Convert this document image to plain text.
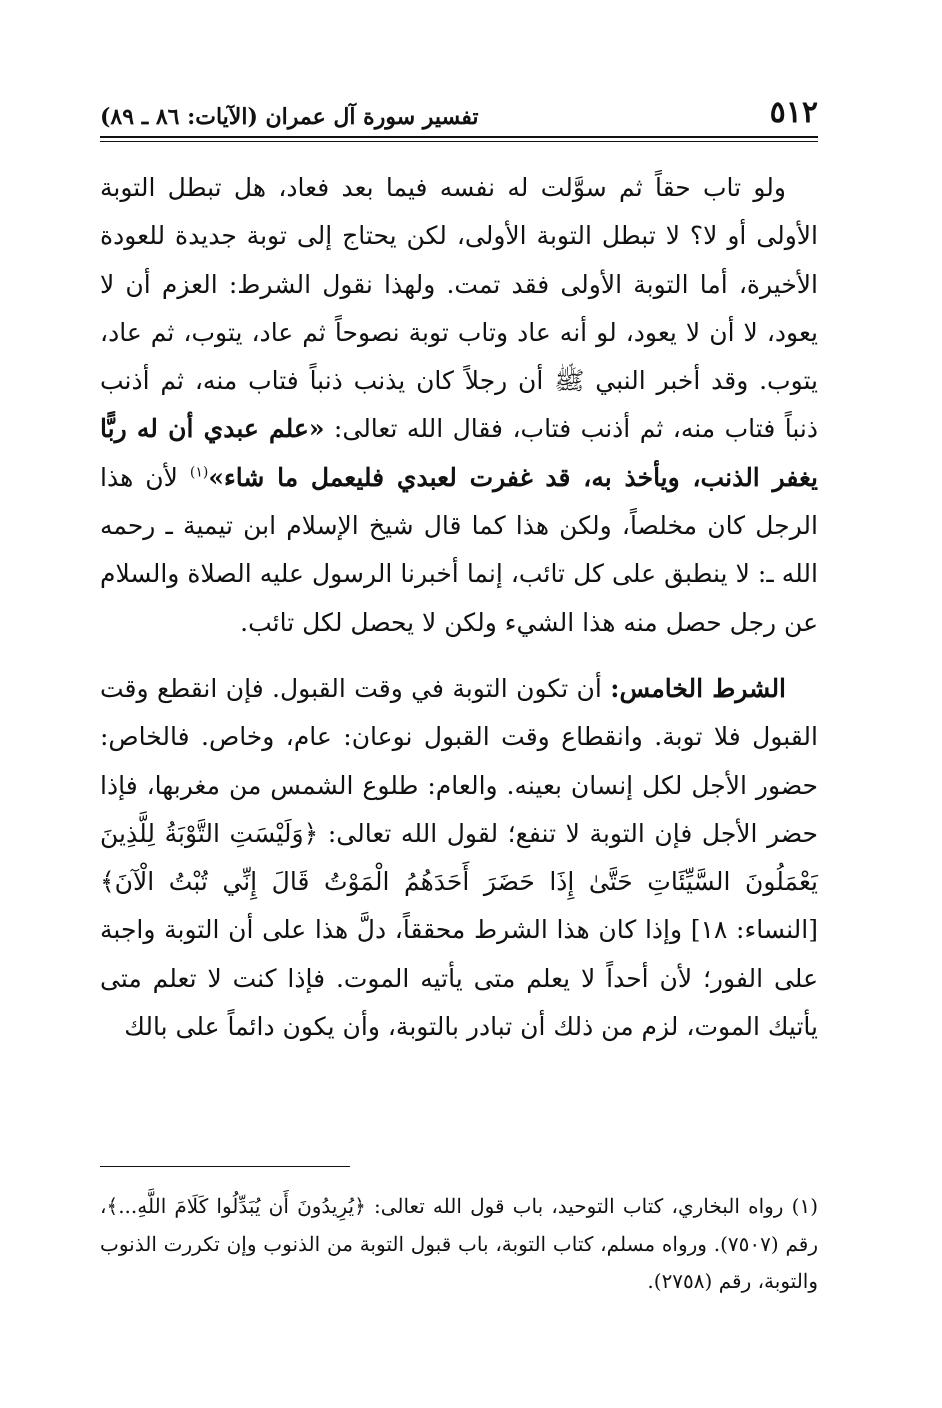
٥١٢
تفسير سورة آل عمران (الآيات: ٨٦ ـ ٨٩)

ولو تاب حقاً ثم سوَّلت له نفسه فيما بعد فعاد، هل تبطل التوبة الأولى أو لا؟ لا تبطل التوبة الأولى، لكن يحتاج إلى توبة جديدة للعودة الأخيرة، أما التوبة الأولى فقد تمت. ولهذا نقول الشرط: العزم أن لا يعود، لا أن لا يعود، لو أنه عاد وتاب توبة نصوحاً ثم عاد، يتوب، ثم عاد، يتوب. وقد أخبر النبي ﷺ أن رجلاً كان يذنب ذنباً فتاب منه، ثم أذنب ذنباً فتاب منه، ثم أذنب فتاب، فقال الله تعالى: «علم عبدي أن له ربًّا يغفر الذنب، ويأخذ به، قد غفرت لعبدي فليعمل ما شاء»$^{(١)}$ لأن هذا الرجل كان مخلصاً، ولكن هذا كما قال شيخ الإسلام ابن تيمية ـ رحمه الله ـ: لا ينطبق على كل تائب، إنما أخبرنا الرسول عليه الصلاة والسلام عن رجل حصل منه هذا الشيء ولكن لا يحصل لكل تائب.

الشرط الخامس: أن تكون التوبة في وقت القبول. فإن انقطع وقت القبول فلا توبة. وانقطاع وقت القبول نوعان: عام، وخاص. فالخاص: حضور الأجل لكل إنسان بعينه. والعام: طلوع الشمس من مغربها، فإذا حضر الأجل فإن التوبة لا تنفع؛ لقول الله تعالى: ﴿وَلَيْسَتِ التَّوْبَةُ لِلَّذِينَ يَعْمَلُونَ السَّيِّئَاتِ حَتَّىٰ إِذَا حَضَرَ أَحَدَهُمُ الْمَوْتُ قَالَ إِنِّي تُبْتُ الْآنَ﴾ [النساء: ١٨] وإذا كان هذا الشرط محققاً، دلَّ هذا على أن التوبة واجبة على الفور؛ لأن أحداً لا يعلم متى يأتيه الموت. فإذا كنت لا تعلم متى يأتيك الموت، لزم من ذلك أن تبادر بالتوبة، وأن يكون دائماً على بالك

(١) رواه البخاري، كتاب التوحيد، باب قول الله تعالى: ﴿يُرِيدُونَ أَن يُبَدِّلُوا كَلَامَ اللَّهِ...﴾، رقم (٧٥٠٧). ورواه مسلم، كتاب التوبة، باب قبول التوبة من الذنوب وإن تكررت الذنوب والتوبة، رقم (٢٧٥٨).
